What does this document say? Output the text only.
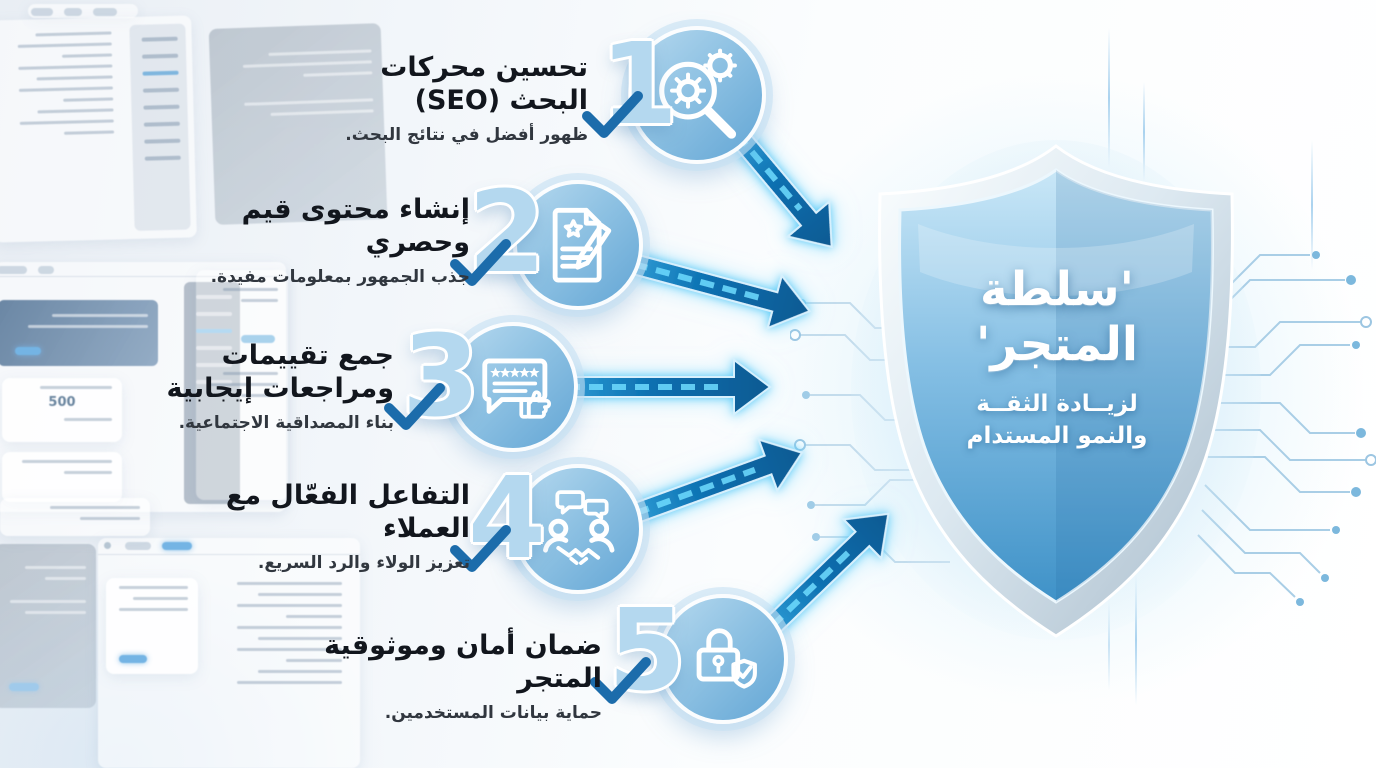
500

'سلطة
المتجر'
لزيــادة الثقــة
والنمو المستدام
1
2
3
4
5
تحسين محركات
البحث (SEO)
ظهور أفضل في نتائج البحث.
إنشاء محتوى قيم
وحصري
جذب الجمهور بمعلومات مفيدة.
جمع تقييمات
ومراجعات إيجابية
بناء المصداقية الاجتماعية.
التفاعل الفعّال مع
العملاء
تعزيز الولاء والرد السريع.
ضمان أمان وموثوقية المتجر
حماية بيانات المستخدمين.
